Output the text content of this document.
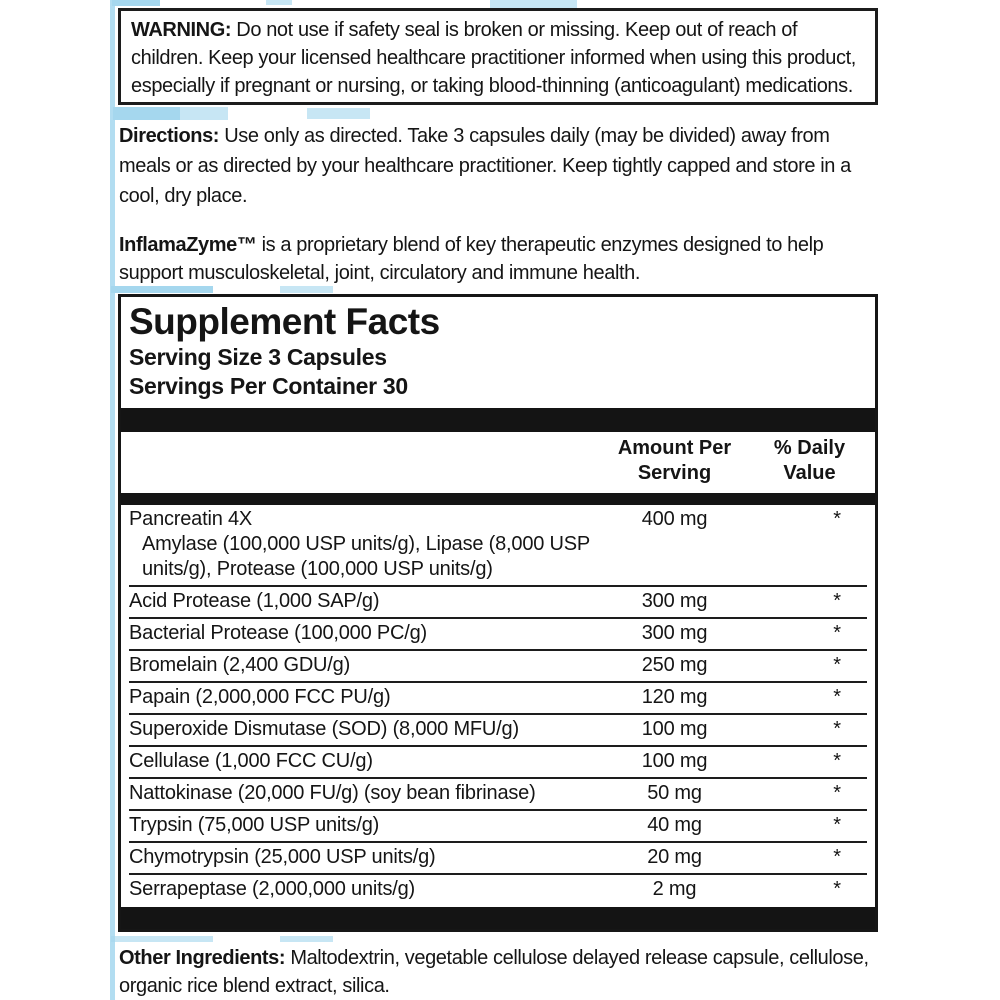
WARNING: Do not use if safety seal is broken or missing. Keep out of reach of children. Keep your licensed healthcare practitioner informed when using this product, especially if pregnant or nursing, or taking blood-thinning (anticoagulant) medications.

Directions: Use only as directed. Take 3 capsules daily (may be divided) away from meals or as directed by your healthcare practitioner. Keep tightly capped and store in a cool, dry place.

InflamaZyme™ is a proprietary blend of key therapeutic enzymes designed to help support musculoskeletal, joint, circulatory and immune health.

Supplement Facts
Serving Size 3 Capsules
Servings Per Container 30
Amount Per Serving
% Daily Value
Pancreatin 4X	400 mg	*
Amylase (100,000 USP units/g), Lipase (8,000 USP units/g), Protease (100,000 USP units/g)
Acid Protease (1,000 SAP/g)	300 mg	*
Bacterial Protease (100,000 PC/g)	300 mg	*
Bromelain (2,400 GDU/g)	250 mg	*
Papain (2,000,000 FCC PU/g)	120 mg	*
Superoxide Dismutase (SOD) (8,000 MFU/g)	100 mg	*
Cellulase (1,000 FCC CU/g)	100 mg	*
Nattokinase (20,000 FU/g) (soy bean fibrinase)	50 mg	*
Trypsin (75,000 USP units/g)	40 mg	*
Chymotrypsin (25,000 USP units/g)	20 mg	*
Serrapeptase (2,000,000 units/g)	2 mg	*

Other Ingredients: Maltodextrin, vegetable cellulose delayed release capsule, cellulose, organic rice blend extract, silica.
